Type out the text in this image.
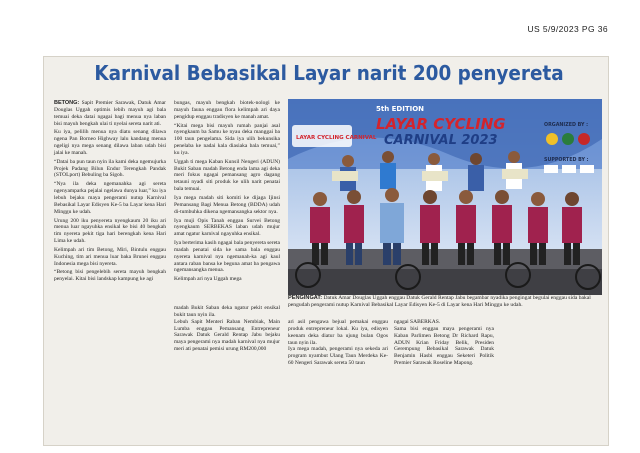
US 5/9/2023 PG 36
Karnival Bebasikal Layar narit 200 penyereta

BETONG: Sapit Premier Sarawak, Datuk Amar Douglas Uggah optimis lebih mayuh agi bala temuai deka datai ngagai bagi menua nya laban bisi mayuh bengkah ulai ti nyelai sereta narit ati.

Ku iya, pelilih menua nya diatu senang dilawa ngena Pan Borneo Highway lalu kandang menua ngeligi nya mega senang dilawa laban udah bisi jalai ke manah.

“Datai ba pun taun nyin ila kami deka ngemujurka Projek Padang Bilun Endur Terengkah Pandak (STOLport) Bebuling ba Sigoh.

“Nya ila deka ngemanahka agi sereta ngenyamparka pejalai ngelawa dunya luar,” ku iya lebuh bejaku maya pengerami nutup Karnival Bebasikal Layar Edisyen Ke-5 ba Layar kena Hari Minggu ke udah.

Urung 200 iku penyereta nyengkaum 20 iku ari menua luar ngayuhka ensikal ke bisi 40 bengkah tim nyereta pekit tiga hari berengkah kena Hari Lima ke udah.

Kelimpah ari tim Betong, Miri, Bintulu enggau Kuching, tim ari menua luar baka Brunei enggau Indonesia mega bisi nyereta.

“Betong bisi pengelebih sereta mayuh bengkah penyelai. Kitai bisi landskap kampung ke agi

bungas, mayuh bengkah biotek-nologi ke mayuh fauna enggau flora kelimpah ari daya pengidup enggau tradisyen ke manah amat.

“Kitai mega bisi mayuh rumah panjai asal nyengkaum ba Samu ke nyau deka manggai ba 100 taun pengelama. Sida iya ulih bekunsika penelaba ke nadai kala diasiaka bala temuai,” ku iya.

Uggah ti mega Kaban Kunsil Nengeri (ADUN) Bukit Saban madah Betong enda lama agi deka meri fokus ngagai pemansang agro dagang tetauni nyadi siti produk ke ulih narit penatai bala temuai.

Iya mega madah siti komiti ke dijaga Ijinsi Pemansang Bagi Menua Betong (BDDA) udah di-tumbuhka dikena ngemansangka sektor nya.

Iya muji Opis Tanah enggau Survei Betong nyengkaum SERBEKAS laban udah mujur amat ngatur karnival ngayuhka ensikal.

Iya berterima kasih ngagai bala penyereta sereta madah penatai sida ke sama bala enggau nyereta karnival nya ngemanah-ka agi kaul antara raban bansa ke beguna amat ba pengawa ngemansangka menua.

Kelimpah ari nya Uggah mega

5th EDITION
LAYAR CYCLING
CARNIVAL 2023
LAYAR CYCLING CARNIVAL
ORGANIZED BY :
SUPPORTED BY :
PENGINGAT: Datuk Amar Douglas Uggah enggau Datuk Gerald Rentap Jabu begambar nyadika pengingat begulai enggau sida bakal pengudah pengerami nutup Karnival Bebasikal Layar Edisyen Ke-5 di Layar kena Hari Minggu ke udah.
madah Bukit Saban deka ngatur pekit ensikal bukit taun nyin ila.
Lebuh Sapit Menteri Raban Nembiak, Main Lumba enggau Pemansang Entrepreneur Sarawak Datuk Gerald Rentap Jabu bejaku maya pengerami nya madah karnival nya mujur meri ati penatai pemisi urung RM200,000
ari asil pengawa bejual pemakai enggau produk entrepreneur lokal. Ku iya, edisyen keenam deka diatur ba ujung bulan Ogos taun nyin ila.
Iya mega madah, pengerami nya sekeda ari program nyambut Ulang Taun Merdeka Ke-60 Nengeri Sarawak sereta 50 taun
ngagai SABERKAS.
Sama bisi enggau maya pengerami nya Kaban Parlimen Betong Dr Richard Rapu, ADUN Krian Friday Belik, Presiden Gerempung Bebasikal Sarawak Datuk Benjamin Hasbi enggau Seketeri Politik Premier Sarawak Roseline Mapong.
